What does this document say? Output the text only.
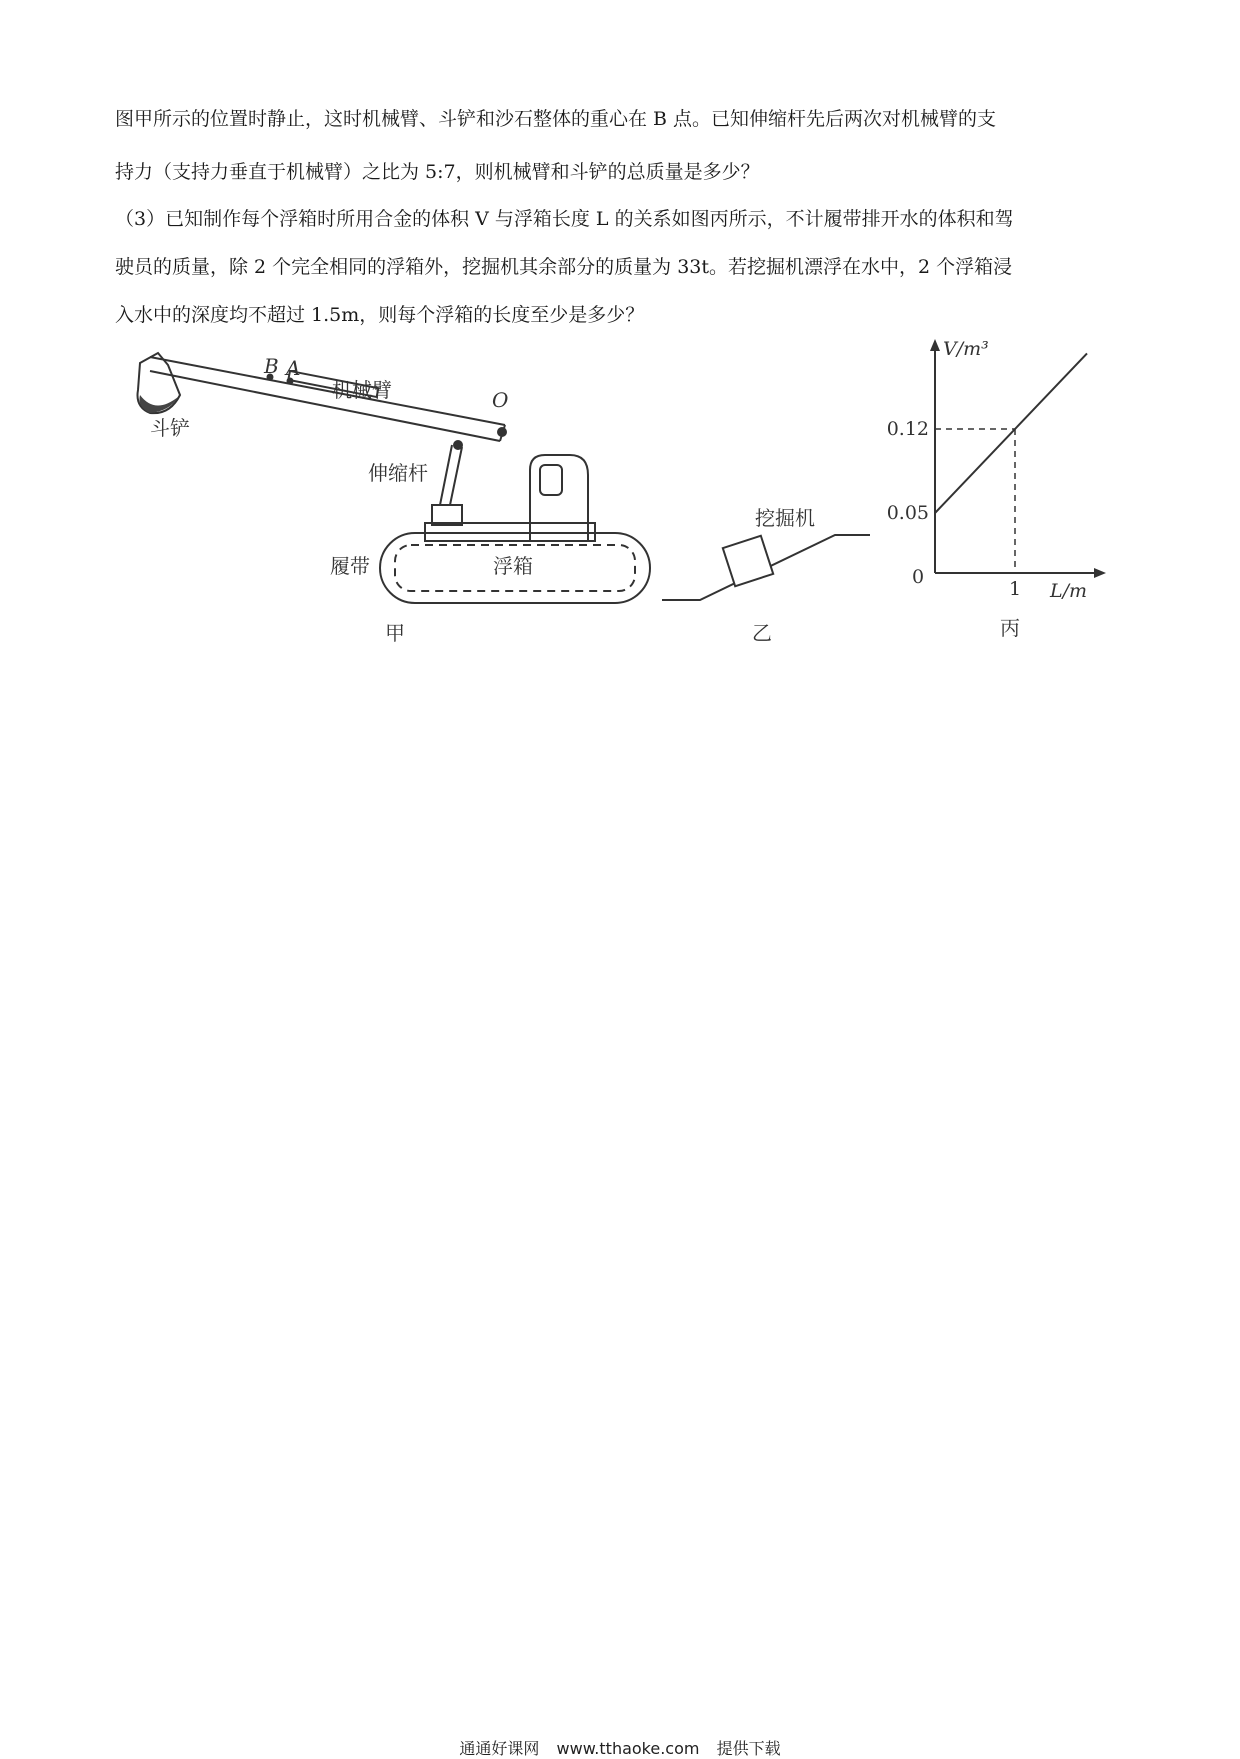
图甲所示的位置时静止，这时机械臂、斗铲和沙石整体的重心在 B 点。已知伸缩杆先后两次对机械臂的支
持力（支持力垂直于机械臂）之比为 5:7，则机械臂和斗铲的总质量是多少？
（3）已知制作每个浮箱时所用合金的体积 V 与浮箱长度 L 的关系如图丙所示，不计履带排开水的体积和驾
驶员的质量，除 2 个完全相同的浮箱外，挖掘机其余部分的质量为 33t。若挖掘机漂浮在水中，2 个浮箱浸
入水中的深度均不超过 1.5m，则每个浮箱的长度至少是多少？
B A
O
机械臂
斗铲
伸缩杆
履带	浮箱
甲
挖掘机
乙
V/m³
L/m
0
0.05
0.12
1
丙
通通好课网 www.tthaoke.com 提供下载
